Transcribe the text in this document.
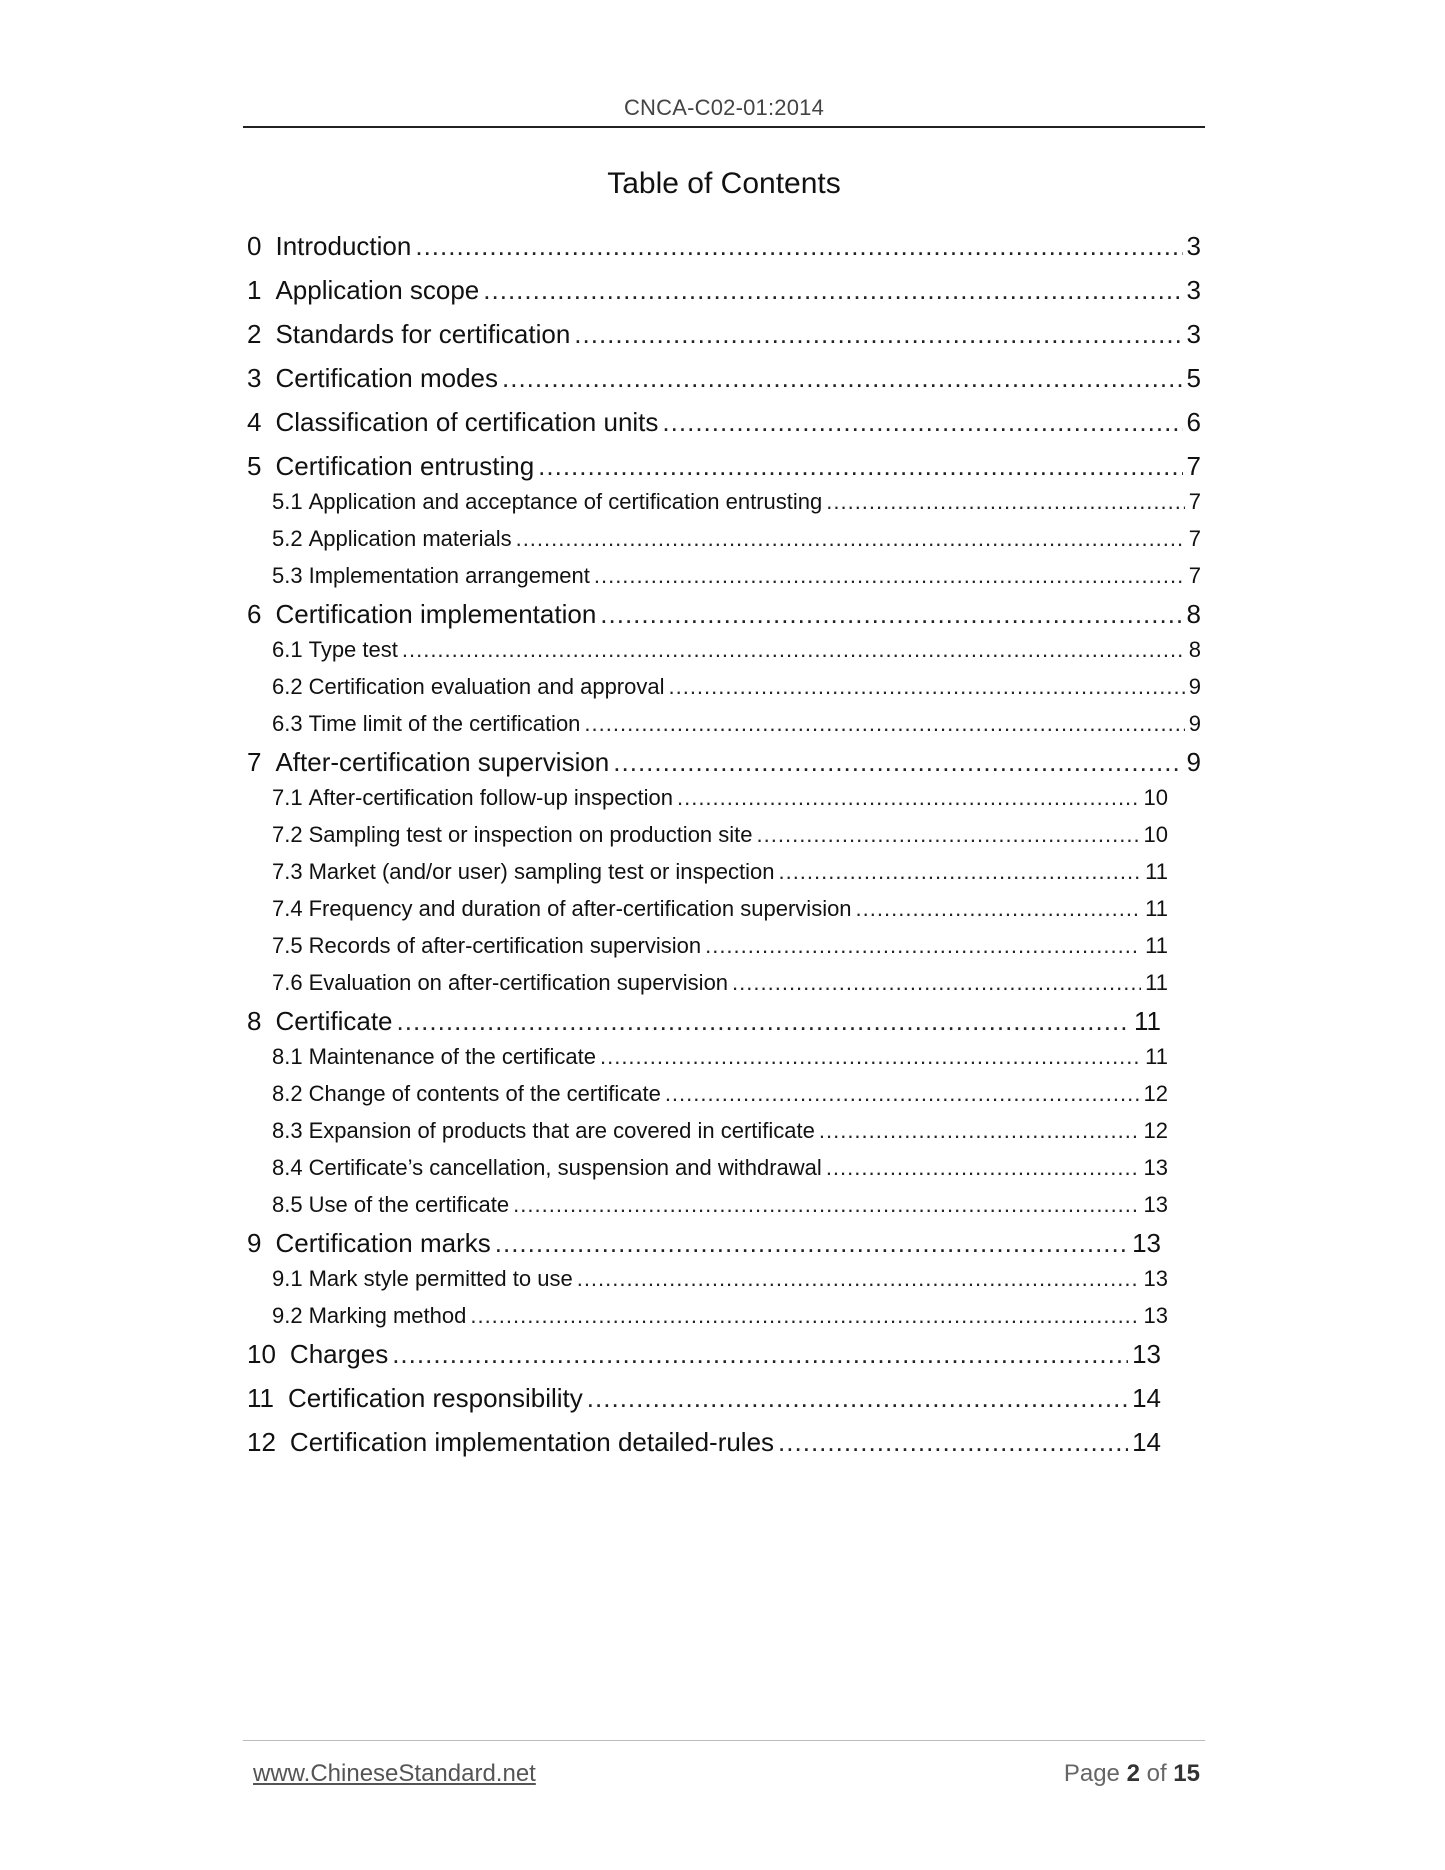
CNCA-C02-01:2014
Table of Contents
0 Introduction .....	3
1 Application scope .....	3
2 Standards for certification .....	3
3 Certification modes .....	5
4 Classification of certification units .....	6
5 Certification entrusting .....	7
5.1 Application and acceptance of certification entrusting .....	7
5.2 Application materials .....	7
5.3 Implementation arrangement .....	7
6 Certification implementation .....	8
6.1 Type test .....	8
6.2 Certification evaluation and approval .....	9
6.3 Time limit of the certification .....	9
7 After-certification supervision .....	9
7.1 After-certification follow-up inspection .....	10
7.2 Sampling test or inspection on production site .....	10
7.3 Market (and/or user) sampling test or inspection .....	11
7.4 Frequency and duration of after-certification supervision .....	11
7.5 Records of after-certification supervision .....	11
7.6 Evaluation on after-certification supervision .....	11
8 Certificate .....	11
8.1 Maintenance of the certificate .....	11
8.2 Change of contents of the certificate .....	12
8.3 Expansion of products that are covered in certificate .....	12
8.4 Certificate’s cancellation, suspension and withdrawal .....	13
8.5 Use of the certificate .....	13
9 Certification marks .....	13
9.1 Mark style permitted to use .....	13
9.2 Marking method .....	13
10 Charges .....	13
11 Certification responsibility .....	14
12 Certification implementation detailed-rules .....	14
www.ChineseStandard.net	Page 2 of 15
